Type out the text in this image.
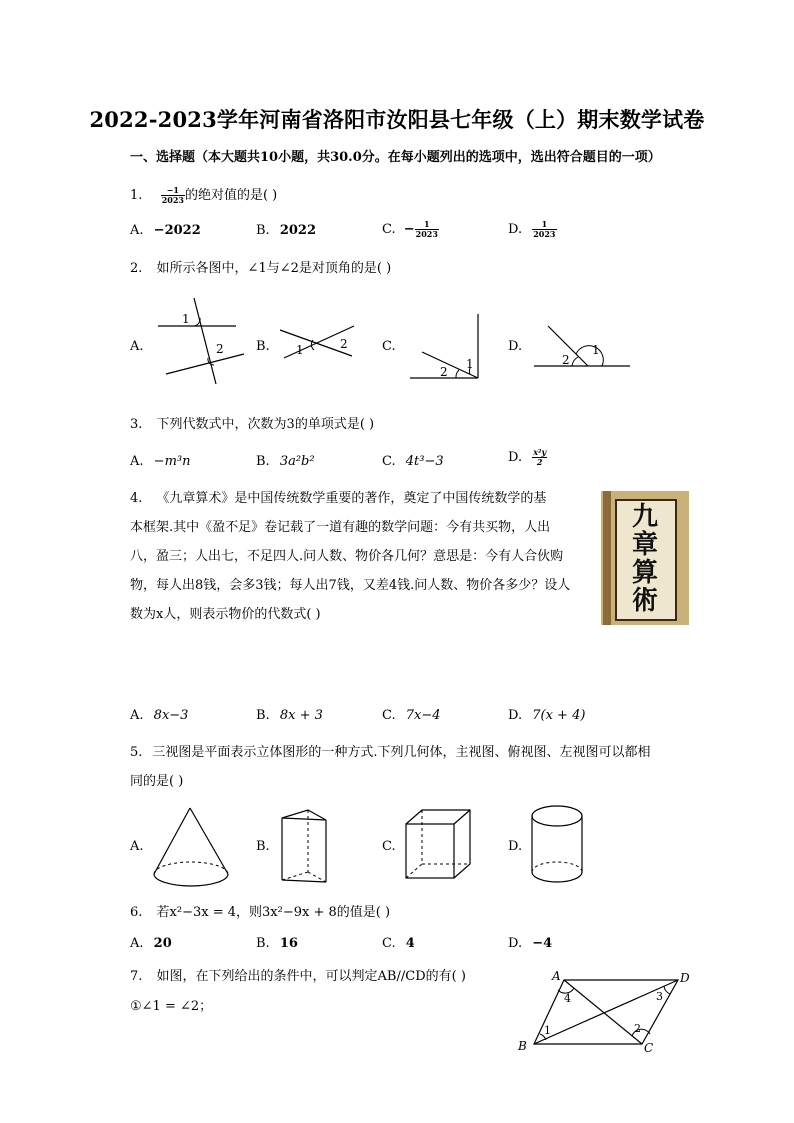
2022-2023学年河南省洛阳市汝阳县七年级（上）期末数学试卷
一、选择题（本大题共10小题，共30.0分。在每小题列出的选项中，选出符合题目的一项）
1. $\frac{-1}{2023}$ 的绝对值的是( )
A. −2022	B. 2022	C. − $\frac{1}{2023}$	D. $\frac{1}{2023}$
2. 如所示各图中，∠1与∠2是对顶角的是( )
A.	B.	C.	D.
1
2	1	2
1
2
1
2
3. 下列代数式中，次数为3的单项式是( )
A. −m³n	B. 3a²b²	C. 4t³−3	D. $\frac{\text{x²y}}{2}$
4. 《九章算术》是中国传统数学重要的著作，奠定了中国传统数学的基
本框架.其中《盈不足》卷记载了一道有趣的数学问题：今有共买物，人出
八，盈三；人出七，不足四人.问人数、物价各几何？意思是：今有人合伙购
物，每人出8钱，会多3钱；每人出7钱，又差4钱.问人数、物价各多少？设人
数为x人，则表示物价的代数式( )
九章算術
A. 8x−3	B. 8x + 3	C. 7x−4	D. 7(x + 4)
5. 三视图是平面表示立体图形的一种方式.下列几何体，主视图、俯视图、左视图可以都相
同的是( )
A.	B.	C.	D.
6. 若x²−3x = 4，则3x²−9x + 8的值是( )
A. 20	B. 16	C. 4	D. −4
7. 如图，在下列给出的条件中，可以判定AB//CD的有( )
①∠1 = ∠2；
A	D
B	C
4	3
1	2
